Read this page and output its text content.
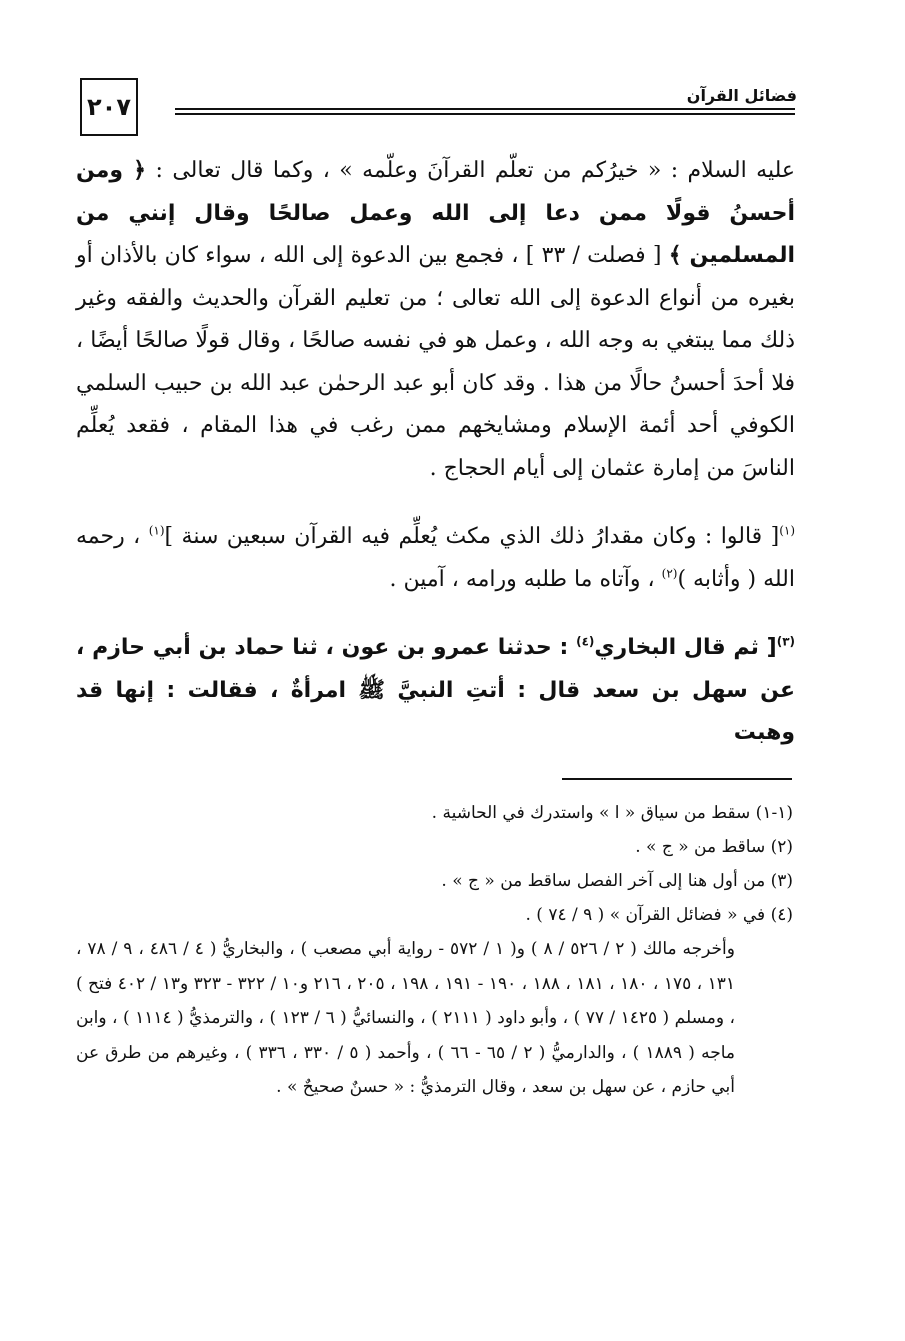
٢٠٧	فضائل القرآن

عليه السلام : « خيرُكم من تعلّم القرآنَ وعلّمه » ، وكما قال تعالى : ﴿ ومن أحسنُ قولًا ممن دعا إلى الله وعمل صالحًا وقال إنني من المسلمين ﴾ [ فصلت / ٣٣ ] ، فجمع بين الدعوة إلى الله ، سواء كان بالأذان أو بغيره من أنواع الدعوة إلى الله تعالى ؛ من تعليم القرآن والحديث والفقه وغير ذلك مما يبتغي به وجه الله ، وعمل هو في نفسه صالحًا ، وقال قولًا صالحًا أيضًا ، فلا أحدَ أحسنُ حالًا من هذا . وقد كان أبو عبد الرحمٰن عبد الله بن حبيب السلمي الكوفي أحد أئمة الإسلام ومشايخهم ممن رغب في هذا المقام ، فقعد يُعلِّم الناسَ من إمارة عثمان إلى أيام الحجاج .

$^{(١)}$[ قالوا : وكان مقدارُ ذلك الذي مكث يُعلِّم فيه القرآن سبعين سنة ]$^{(١)}$ ، رحمه الله ( وأثابه )$^{(٢)}$ ، وآتاه ما طلبه ورامه ، آمين .

$^{(٣)}$[ ثم قال البخاري$^{(٤)}$ : حدثنا عمرو بن عون ، ثنا حماد بن أبي حازم ، عن سهل بن سعد قال : أتتِ النبيَّ ﷺ امرأةٌ ، فقالت : إنها قد وهبت

(١-١) سقط من سياق « ا » واستدرك في الحاشية .

(٢) ساقط من « ج » .

(٣) من أول هنا إلى آخر الفصل ساقط من « ج » .

(٤) في « فضائل القرآن » ( ٩ / ٧٤ ) .

وأخرجه مالك ( ٢ / ٥٢٦ / ٨ ) و( ١ / ٥٧٢ - رواية أبي مصعب ) ، والبخاريُّ ( ٤ / ٤٨٦ ، ٩ / ٧٨ ، ١٣١ ، ١٧٥ ، ١٨٠ ، ١٨١ ، ١٨٨ ، ١٩٠ - ١٩١ ، ١٩٨ ، ٢٠٥ ، ٢١٦ و١٠ / ٣٢٢ - ٣٢٣ و١٣ / ٤٠٢ فتح ) ، ومسلم ( ١٤٢٥ / ٧٧ ) ، وأبو داود ( ٢١١١ ) ، والنسائيُّ ( ٦ / ١٢٣ ) ، والترمذيُّ ( ١١١٤ ) ، وابن ماجه ( ١٨٨٩ ) ، والدارميُّ ( ٢ / ٦٥ - ٦٦ ) ، وأحمد ( ٥ / ٣٣٠ ، ٣٣٦ ) ، وغيرهم من طرق عن أبي حازم ، عن سهل بن سعد ، وقال الترمذيُّ : « حسنٌ صحيحٌ » .
